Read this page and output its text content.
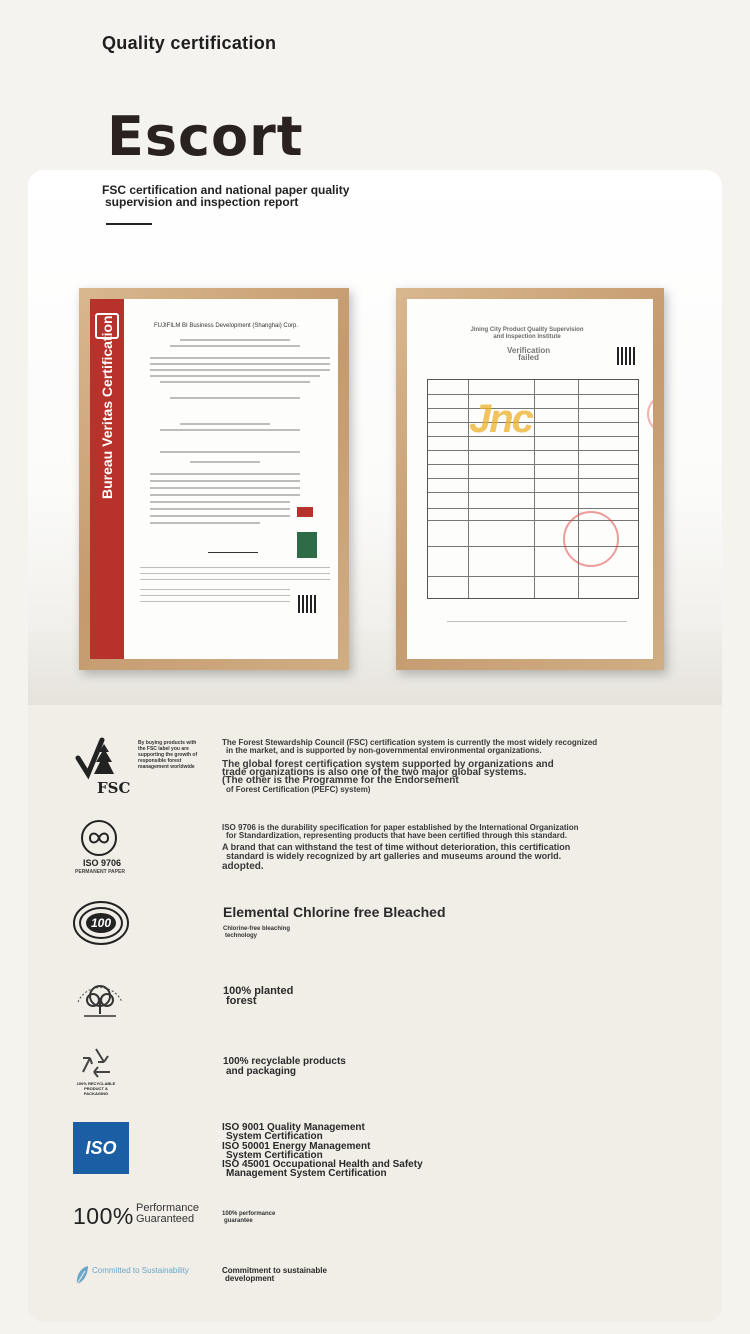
Quality certification
Escort
FSC certification and national paper quality
supervision and inspection report
Bureau Veritas Certification	FUJIFILM BI Business Development (Shanghai) Corp.
Jining City Product Quality Supervision
and Inspection Institute
Verification
failed
Jnc
By buying products with the FSC label you are supporting the growth of responsible forest management worldwide
FSC
The Forest Stewardship Council (FSC) certification system is currently the most widely recognized
in the market, and is supported by non-governmental environmental organizations.
The global forest certification system supported by organizations and
trade organizations is also one of the two major global systems.
(The other is the Programme for the Endorsement
of Forest Certification (PEFC) system)
ISO 9706
PERMANENT PAPER
ISO 9706 is the durability specification for paper established by the International Organization
for Standardization, representing products that have been certified through this standard.
A brand that can withstand the test of time without deterioration, this certification
standard is widely recognized by art galleries and museums around the world.
adopted.
100
Elemental Chlorine free Bleached
Chlorine-free bleaching
technology
100% planted
forest
100% RECYCLABLE PRODUCT & PACKAGING
100% recyclable products
and packaging
ISO
ISO 9001 Quality Management
System Certification
ISO 50001 Energy Management
System Certification
ISO 45001 Occupational Health and Safety
Management System Certification
100% Performance
Guaranteed	100% performance
guarantee
Committed to Sustainability	Commitment to sustainable
development
